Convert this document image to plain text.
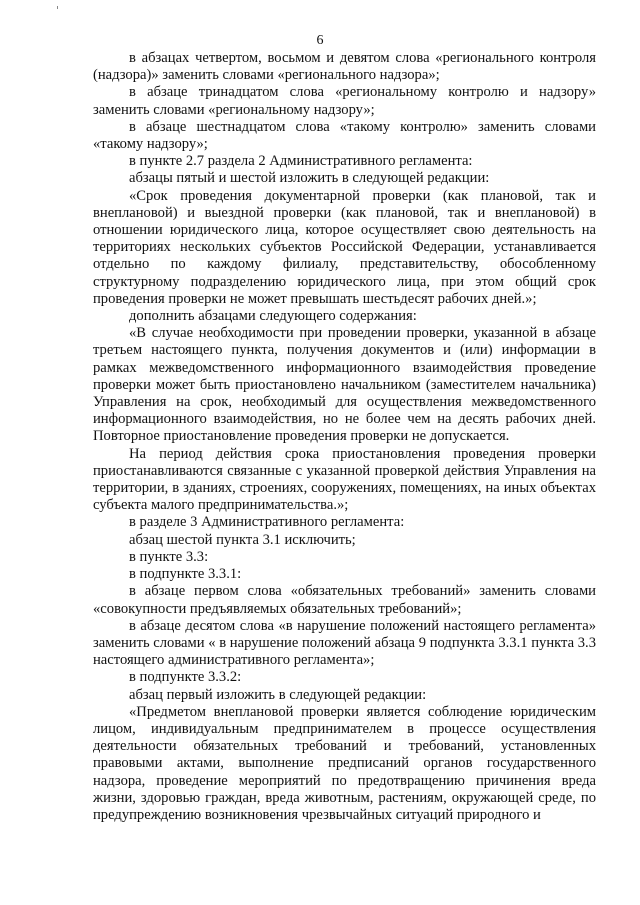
6

в абзацах четвертом, восьмом и девятом слова «регионального контроля (надзора)» заменить словами «регионального надзора»;

в абзаце тринадцатом слова «региональному контролю и надзору» заменить словами «региональному надзору»;

в абзаце шестнадцатом слова «такому контролю» заменить словами «такому надзору»;

в пункте 2.7 раздела 2 Административного регламента:

абзацы пятый и шестой изложить в следующей редакции:

«Срок проведения документарной проверки (как плановой, так и внеплановой) и выездной проверки (как плановой, так и внеплановой) в отношении юридического лица, которое осуществляет свою деятельность на территориях нескольких субъектов Российской Федерации, устанавливается отдельно по каждому филиалу, представительству, обособленному структурному подразделению юридического лица, при этом общий срок проведения проверки не может превышать шестьдесят рабочих дней.»;

дополнить абзацами следующего содержания:

«В случае необходимости при проведении проверки, указанной в абзаце третьем настоящего пункта, получения документов и (или) информации в рамках межведомственного информационного взаимодействия проведение проверки может быть приостановлено начальником (заместителем начальника) Управления на срок, необходимый для осуществления межведомственного информационного взаимодействия, но не более чем на десять рабочих дней. Повторное приостановление проведения проверки не допускается.

На период действия срока приостановления проведения проверки приостанавливаются связанные с указанной проверкой действия Управления на территории, в зданиях, строениях, сооружениях, помещениях, на иных объектах субъекта малого предпринимательства.»;

в разделе 3 Административного регламента:

абзац шестой пункта 3.1 исключить;

в пункте 3.3:

в подпункте 3.3.1:

в абзаце первом слова «обязательных требований» заменить словами «совокупности предъявляемых обязательных требований»;

в абзаце десятом слова «в нарушение положений настоящего регламента» заменить словами « в нарушение положений абзаца 9 подпункта 3.3.1 пункта 3.3 настоящего административного регламента»;

в подпункте 3.3.2:

абзац первый изложить в следующей редакции:

«Предметом внеплановой проверки является соблюдение юридическим лицом, индивидуальным предпринимателем в процессе осуществления деятельности обязательных требований и требований, установленных правовыми актами, выполнение предписаний органов государственного надзора, проведение мероприятий по предотвращению причинения вреда жизни, здоровью граждан, вреда животным, растениям, окружающей среде, по предупреждению возникновения чрезвычайных ситуаций природного и
